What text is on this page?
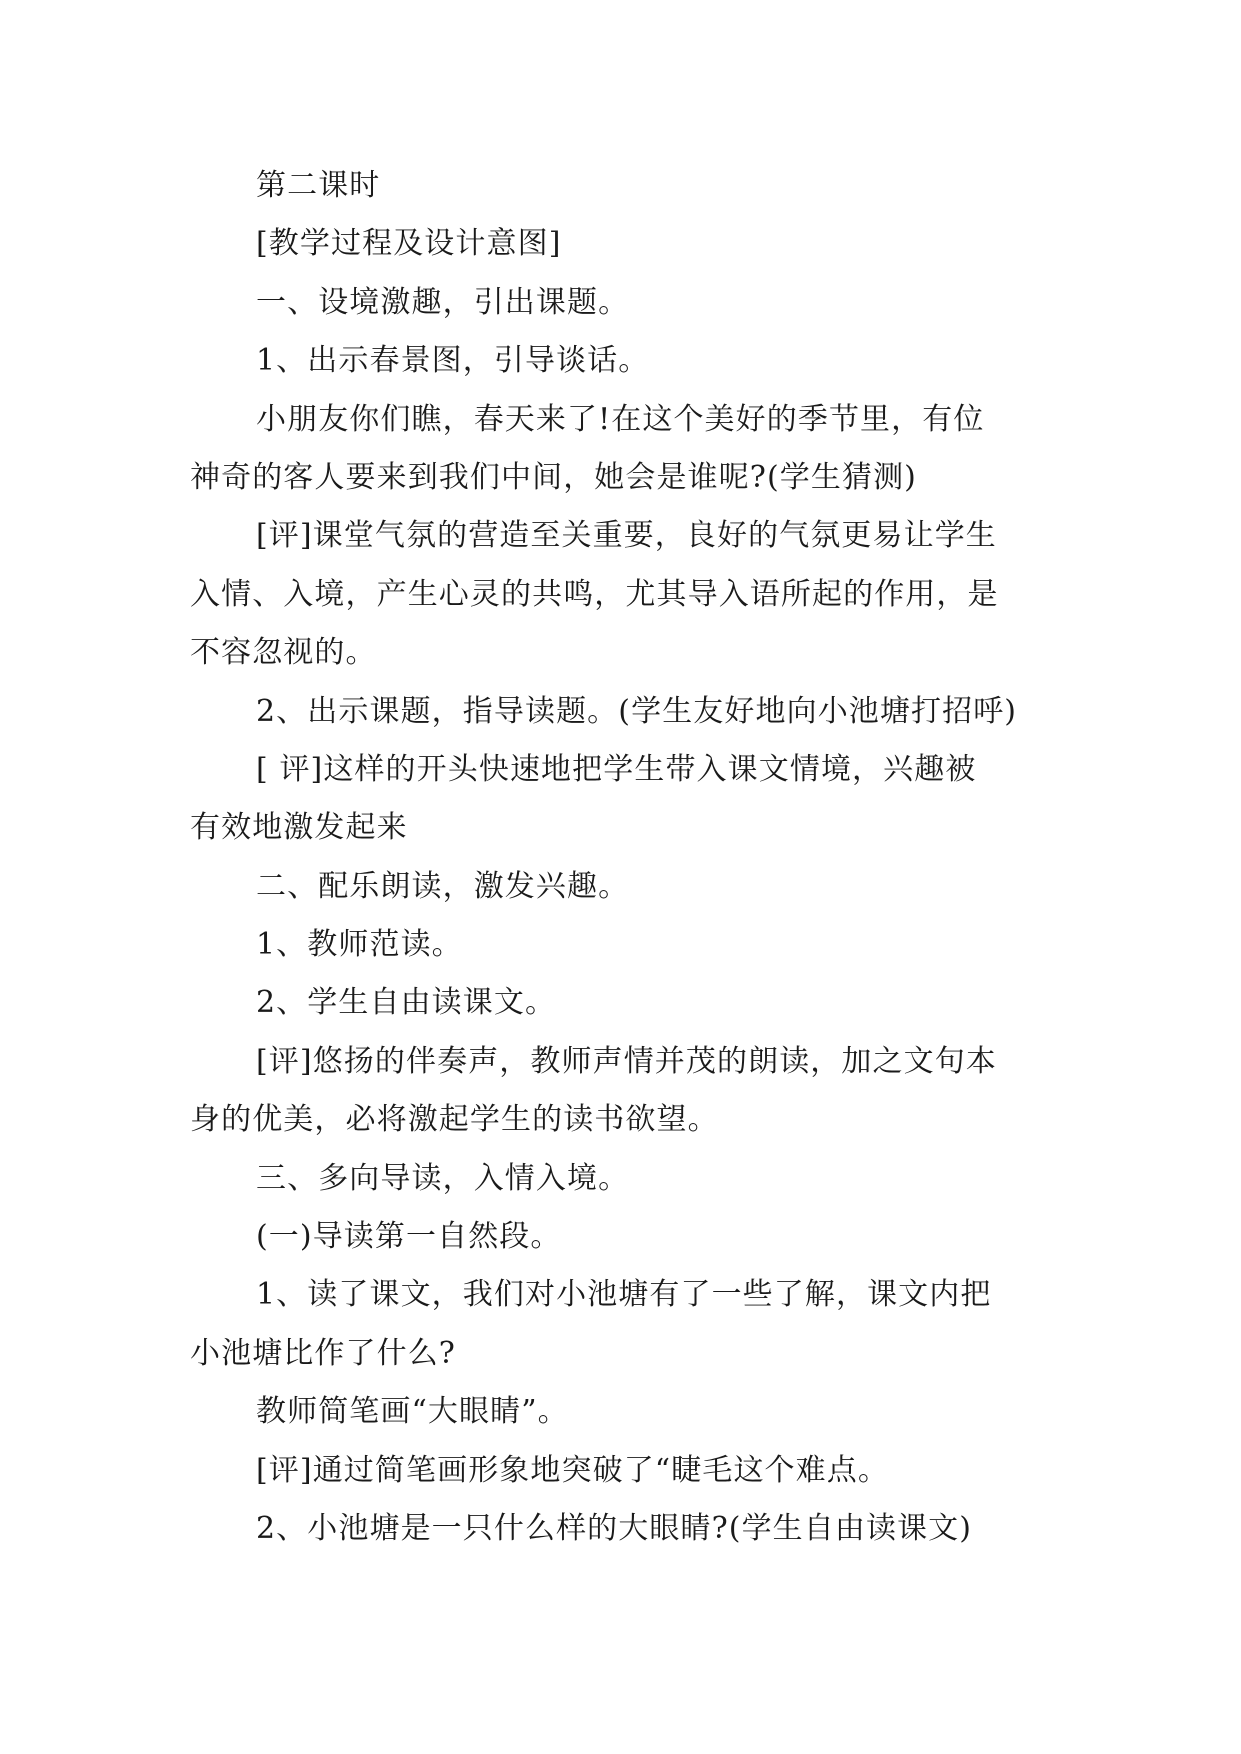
第二课时
[教学过程及设计意图]
一、设境激趣，引出课题。
1、出示春景图，引导谈话。
小朋友你们瞧，春天来了!在这个美好的季节里，有位
神奇的客人要来到我们中间，她会是谁呢?(学生猜测)
[评]课堂气氛的营造至关重要，良好的气氛更易让学生
入情、入境，产生心灵的共鸣，尤其导入语所起的作用，是
不容忽视的。
2、出示课题，指导读题。(学生友好地向小池塘打招呼)
[ 评]这样的开头快速地把学生带入课文情境，兴趣被
有效地激发起来
二、配乐朗读，激发兴趣。
1、教师范读。
2、学生自由读课文。
[评]悠扬的伴奏声，教师声情并茂的朗读，加之文句本
身的优美，必将激起学生的读书欲望。
三、多向导读，入情入境。
(一)导读第一自然段。
1、读了课文，我们对小池塘有了一些了解，课文内把
小池塘比作了什么?
教师简笔画“大眼睛”。
[评]通过简笔画形象地突破了“睫毛这个难点。
2、小池塘是一只什么样的大眼睛?(学生自由读课文)
